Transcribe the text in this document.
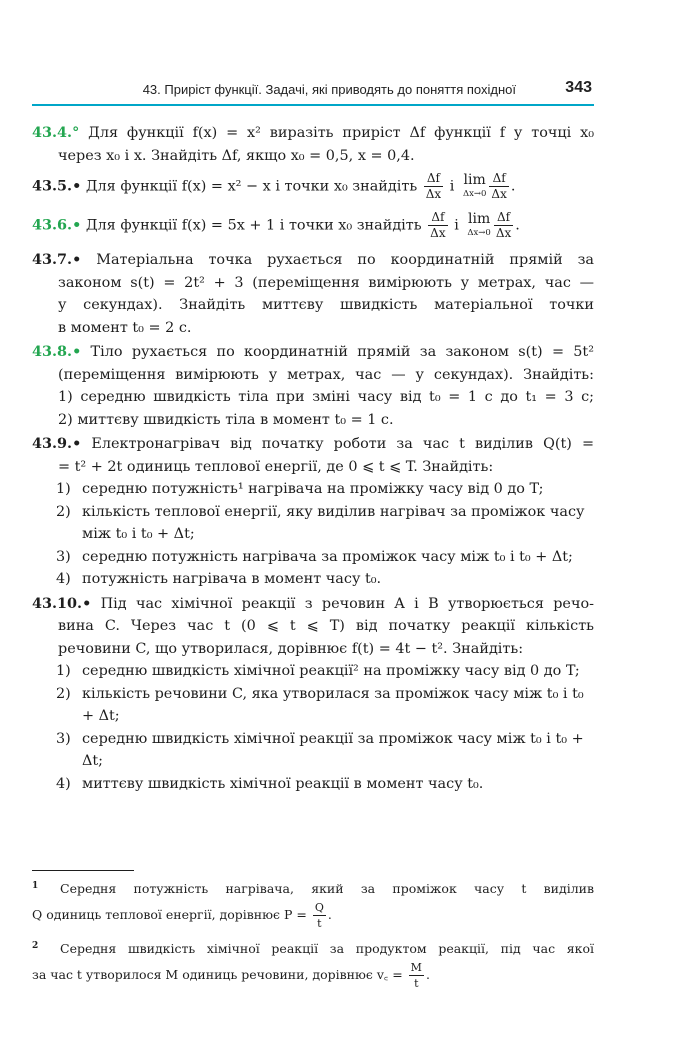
43. Приріст функції. Задачі, які приводять до поняття похідної	343
43.4.° Для функції f(x) = x² виразіть приріст Δf функції f у точці x₀
через x₀ і x. Знайдіть Δf, якщо x₀ = 0,5, x = 0,4.
43.5.• Для функції f(x) = x² − x і точки x₀ знайдіть $\frac{\Delta f}{\Delta x}$ і lim
$\Delta x\to 0 \frac{\Delta f}{\Delta x}$ .
43.6.• Для функції f(x) = 5x + 1 і точки x₀ знайдіть $\frac{\Delta f}{\Delta x}$ і lim
$\Delta x\to 0 \frac{\Delta f}{\Delta x}$ .
43.7.• Матеріальна точка рухається по координатній прямій за
законом s(t) = 2t² + 3 (переміщення вимірюють у метрах, час —
у секундах). Знайдіть миттєву швидкість матеріальної точки
в момент t₀ = 2 с.
43.8.• Тіло рухається по координатній прямій за законом s(t) = 5t²
(переміщення вимірюють у метрах, час — у секундах). Знайдіть:
1) середню швидкість тіла при зміні часу від t₀ = 1 с до t₁ = 3 с;
2) миттєву швидкість тіла в момент t₀ = 1 с.
43.9.• Електронагрівач від початку роботи за час t виділив Q(t) =
= t² + 2t одиниць теплової енергії, де 0 ⩽ t ⩽ T. Знайдіть:
1) середню потужність¹ нагрівача на проміжку часу від 0 до T;
2) кількість теплової енергії, яку виділив нагрівач за проміжок часу між t₀ і t₀ + Δt;
3) середню потужність нагрівача за проміжок часу між t₀ і t₀ + Δt;
4) потужність нагрівача в момент часу t₀.
43.10.• Під час хімічної реакції з речовин A і B утворюється речо-
вина C. Через час t (0 ⩽ t ⩽ T) від початку реакції кількість
речовини C, що утворилася, дорівнює f(t) = 4t − t². Знайдіть:
1) середню швидкість хімічної реакції² на проміжку часу від 0 до T;
2) кількість речовини C, яка утворилася за проміжок часу між t₀ і t₀ + Δt;
3) середню швидкість хімічної реакції за проміжок часу між t₀ і t₀ + Δt;
4) миттєву швидкість хімічної реакції в момент часу t₀.
1 Середня потужність нагрівача, який за проміжок часу t виділив
Q одиниць теплової енергії, дорівнює $P = \frac{Q}{t}$ .
2 Середня швидкість хімічної реакції за продуктом реакції, під час якої
за час t утворилося M одиниць речовини, дорівнює v꜀ = $\frac{M}{t}$ .
